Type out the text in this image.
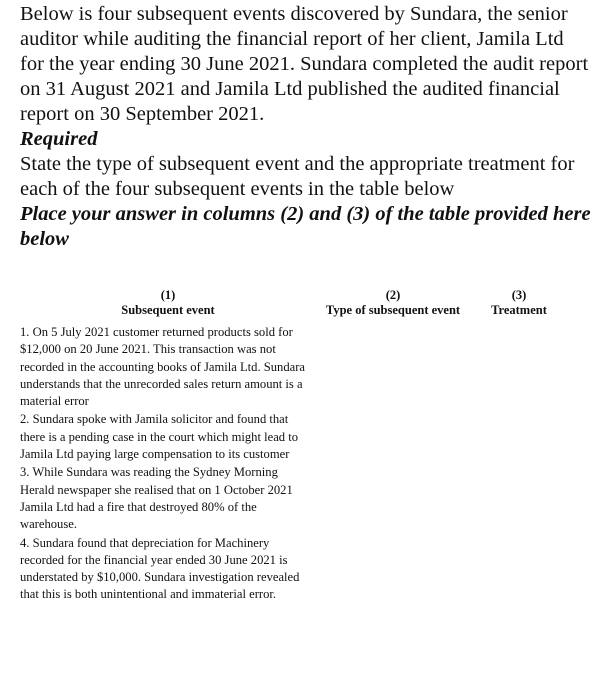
Below is four subsequent events discovered by Sundara, the senior auditor while auditing the financial report of her client, Jamila Ltd for the year ending 30 June 2021. Sundara completed the audit report on 31 August 2021 and Jamila Ltd published the audited financial report on 30 September 2021.

Required

State the type of subsequent event and the appropriate treatment for each of the four subsequent events in the table below

Place your answer in columns (2) and (3) of the table provided here below

(1)
Subsequent event
(2)
Type of subsequent event
(3)
Treatment

1. On 5 July 2021 customer returned products sold for $12,000 on 20 June 2021. This transaction was not recorded in the accounting books of Jamila Ltd. Sundara understands that the unrecorded sales return amount is a material error

2. Sundara spoke with Jamila solicitor and found that there is a pending case in the court which might lead to Jamila Ltd paying large compensation to its customer

3. While Sundara was reading the Sydney Morning Herald newspaper she realised that on 1 October 2021 Jamila Ltd had a fire that destroyed 80% of the warehouse.

4. Sundara found that depreciation for Machinery recorded for the financial year ended 30 June 2021 is understated by $10,000. Sundara investigation revealed that this is both unintentional and immaterial error.
